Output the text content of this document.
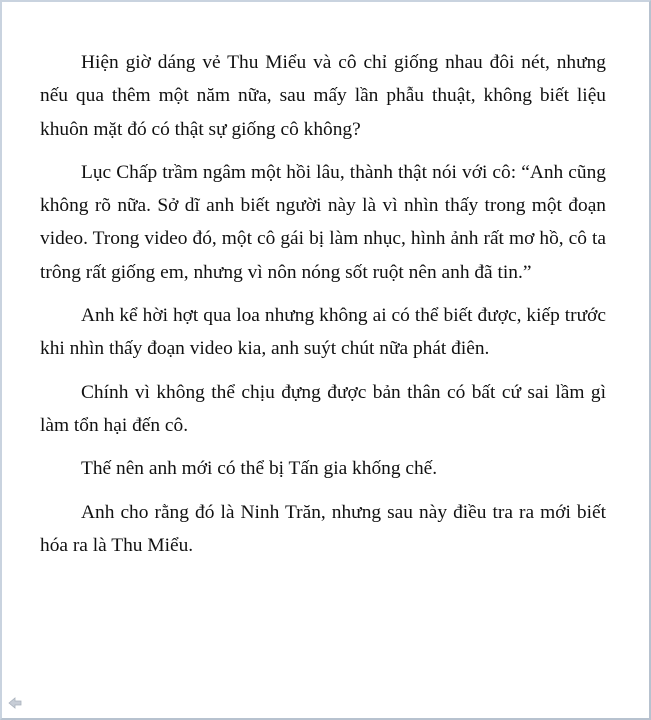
Hiện giờ dáng vẻ Thu Miểu và cô chỉ giống nhau đôi nét, nhưng nếu qua thêm một năm nữa, sau mấy lần phẫu thuật, không biết liệu khuôn mặt đó có thật sự giống cô không?

Lục Chấp trầm ngâm một hồi lâu, thành thật nói với cô: “Anh cũng không rõ nữa. Sở dĩ anh biết người này là vì nhìn thấy trong một đoạn video. Trong video đó, một cô gái bị làm nhục, hình ảnh rất mơ hồ, cô ta trông rất giống em, nhưng vì nôn nóng sốt ruột nên anh đã tin.”

Anh kể hời hợt qua loa nhưng không ai có thể biết được, kiếp trước khi nhìn thấy đoạn video kia, anh suýt chút nữa phát điên.

Chính vì không thể chịu đựng được bản thân có bất cứ sai lầm gì làm tổn hại đến cô.

Thế nên anh mới có thể bị Tấn gia khống chế.

Anh cho rằng đó là Ninh Trăn, nhưng sau này điều tra ra mới biết hóa ra là Thu Miểu.
